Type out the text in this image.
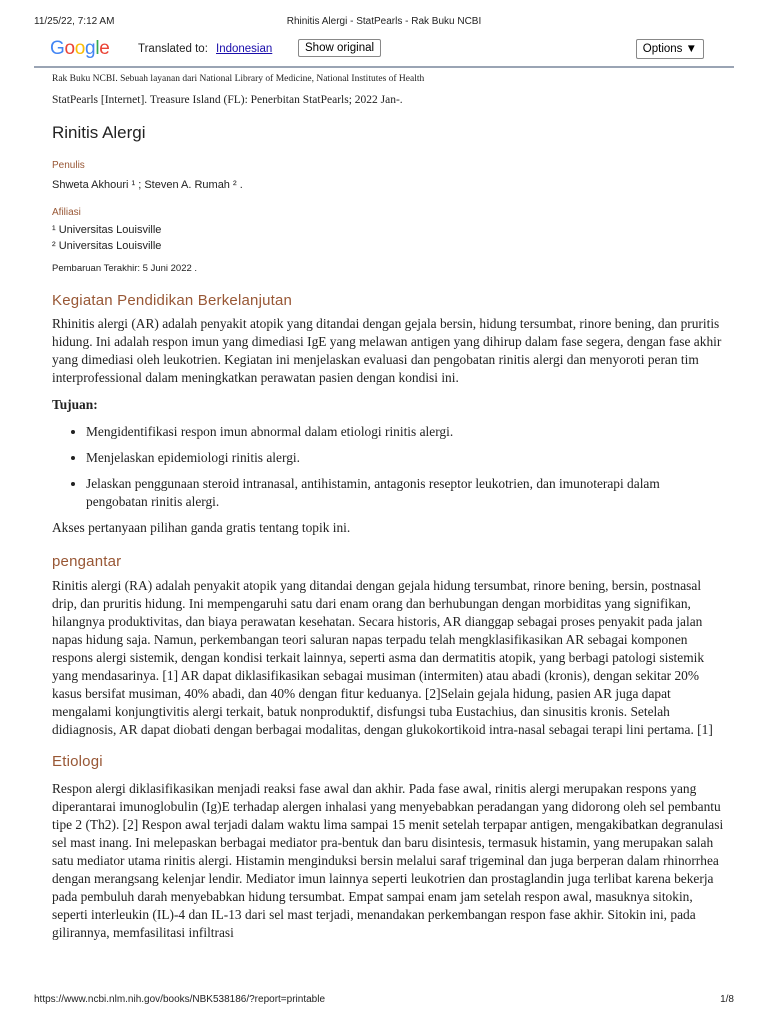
11/25/22, 7:12 AM	Rhinitis Alergi - StatPearls - Rak Buku NCBI
Google Translated to: Indonesian	Show original	Options ▼

Rak Buku NCBI. Sebuah layanan dari National Library of Medicine, National Institutes of Health

StatPearls [Internet]. Treasure Island (FL): Penerbitan StatPearls; 2022 Jan-.

Rinitis Alergi
Penulis
Shweta Akhouri ¹ ; Steven A. Rumah ² .
Afiliasi
¹ Universitas Louisville
² Universitas Louisville
Pembaruan Terakhir: 5 Juni 2022 .
Kegiatan Pendidikan Berkelanjutan

Rhinitis alergi (AR) adalah penyakit atopik yang ditandai dengan gejala bersin, hidung tersumbat, rinore bening, dan pruritis hidung. Ini adalah respon imun yang dimediasi IgE yang melawan antigen yang dihirup dalam fase segera, dengan fase akhir yang dimediasi oleh leukotrien. Kegiatan ini menjelaskan evaluasi dan pengobatan rinitis alergi dan menyoroti peran tim interprofessional dalam meningkatkan perawatan pasien dengan kondisi ini.

Tujuan:

• Mengidentifikasi respon imun abnormal dalam etiologi rinitis alergi.
• Menjelaskan epidemiologi rinitis alergi.
• Jelaskan penggunaan steroid intranasal, antihistamin, antagonis reseptor leukotrien, dan imunoterapi dalam pengobatan rinitis alergi.

Akses pertanyaan pilihan ganda gratis tentang topik ini.

pengantar

Rinitis alergi (RA) adalah penyakit atopik yang ditandai dengan gejala hidung tersumbat, rinore bening, bersin, postnasal drip, dan pruritis hidung. Ini mempengaruhi satu dari enam orang dan berhubungan dengan morbiditas yang signifikan, hilangnya produktivitas, dan biaya perawatan kesehatan. Secara historis, AR dianggap sebagai proses penyakit pada jalan napas hidung saja. Namun, perkembangan teori saluran napas terpadu telah mengklasifikasikan AR sebagai komponen respons alergi sistemik, dengan kondisi terkait lainnya, seperti asma dan dermatitis atopik, yang berbagi patologi sistemik yang mendasarinya. [1] AR dapat diklasifikasikan sebagai musiman (intermiten) atau abadi (kronis), dengan sekitar 20% kasus bersifat musiman, 40% abadi, dan 40% dengan fitur keduanya. [2]Selain gejala hidung, pasien AR juga dapat mengalami konjungtivitis alergi terkait, batuk nonproduktif, disfungsi tuba Eustachius, dan sinusitis kronis. Setelah didiagnosis, AR dapat diobati dengan berbagai modalitas, dengan glukokortikoid intra-nasal sebagai terapi lini pertama. [1]

Etiologi

Respon alergi diklasifikasikan menjadi reaksi fase awal dan akhir. Pada fase awal, rinitis alergi merupakan respons yang diperantarai imunoglobulin (Ig)E terhadap alergen inhalasi yang menyebabkan peradangan yang didorong oleh sel pembantu tipe 2 (Th2). [2] Respon awal terjadi dalam waktu lima sampai 15 menit setelah terpapar antigen, mengakibatkan degranulasi sel mast inang. Ini melepaskan berbagai mediator pra-bentuk dan baru disintesis, termasuk histamin, yang merupakan salah satu mediator utama rinitis alergi. Histamin menginduksi bersin melalui saraf trigeminal dan juga berperan dalam rhinorrhea dengan merangsang kelenjar lendir. Mediator imun lainnya seperti leukotrien dan prostaglandin juga terlibat karena bekerja pada pembuluh darah menyebabkan hidung tersumbat. Empat sampai enam jam setelah respon awal, masuknya sitokin, seperti interleukin (IL)-4 dan IL-13 dari sel mast terjadi, menandakan perkembangan respon fase akhir. Sitokin ini, pada gilirannya, memfasilitasi infiltrasi

https://www.ncbi.nlm.nih.gov/books/NBK538186/?report=printable	1/8
